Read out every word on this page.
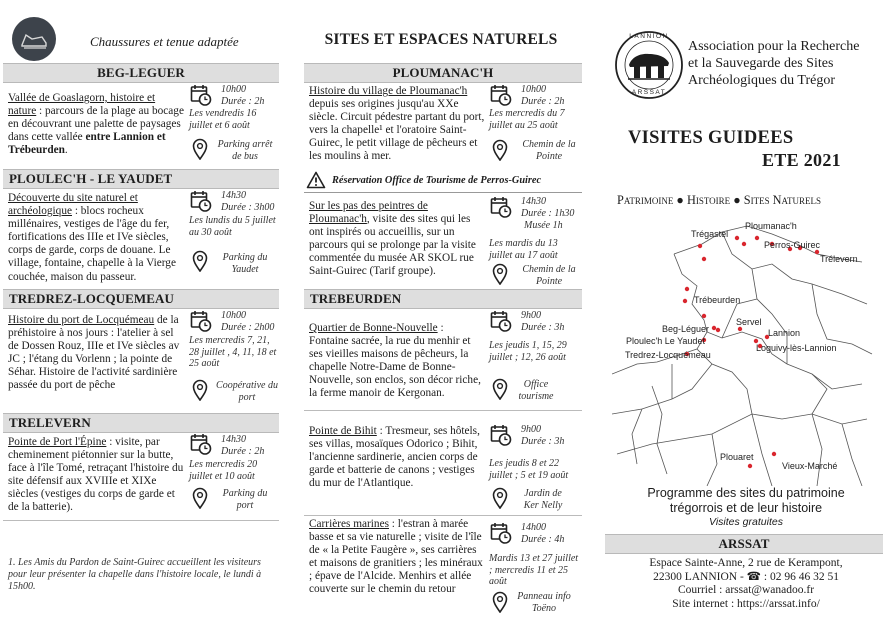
Chaussures et tenue adaptée
BEG-LEGUER
Vallée de Goaslagorn, histoire et nature : parcours de la plage au bocage en découvrant une palette de paysages dans cette vallée entre Lannion et Trébeurden.
10h00
Durée : 2h
Les vendredis 16 juillet et 6 août
Parking arrêt de bus
PLOULEC'H - LE YAUDET
Découverte du site naturel et archéologique : blocs rocheux millénaires, vestiges de l'âge du fer, fortifications des IIIe et IVe siècles, corps de garde, corps de douane. Le village, fontaine, chapelle à la Vierge couchée, maison du passeur.
14h30
Durée : 3h00
Les lundis du 5 juillet au 30 août
Parking du Yaudet
TREDREZ-LOCQUEMEAU
Histoire du port de Locquémeau de la préhistoire à nos jours : l'atelier à sel de Dossen Rouz, IIIe et IVe siècles av JC ; l'étang du Vorlenn ; la pointe de Séhar. Histoire de l'activité sardinière passée du port de pêche
10h00
Durée : 2h00
Les mercredis 7, 21, 28 juillet , 4, 11, 18 et 25 août
Coopérative du port
TRELEVERN
Pointe de Port l'Épine : visite, par cheminement piétonnier sur la butte, face à l'île Tomé, retraçant l'histoire du site défensif aux XVIIIe et XIXe siècles (vestiges du corps de garde et de la batterie).
14h30
Durée : 2h
Les mercredis 20 juillet et 10 août
Parking du port
1. Les Amis du Pardon de Saint-Guirec accueillent les visiteurs pour leur présenter la chapelle dans l'histoire locale, le lundi à 15h00.
SITES ET ESPACES NATURELS
PLOUMANAC'H
Histoire du village de Ploumanac'h depuis ses origines jusqu'au XXe siècle. Circuit pédestre partant du port, vers la chapelle¹ et l'oratoire Saint-Guirec, le petit village de pêcheurs et les moulins à mer.
10h00
Durée : 2h
Les mercredis du 7 juillet au 25 août
Chemin de la Pointe
Réservation Office de Tourisme de Perros-Guirec
Sur les pas des peintres de Ploumanac'h, visite des sites qui les ont inspirés ou accueillis, sur un parcours qui se prolonge par la visite commentée du musée AR SKOL rue Saint-Guirec (Tarif groupe).
14h30
Durée : 1h30
Musée 1h
Les mardis du 13 juillet au 17 août
Chemin de la Pointe
TREBEURDEN
Quartier de Bonne-Nouvelle : Fontaine sacrée, la rue du menhir et ses vieilles maisons de pêcheurs, la chapelle Notre-Dame de Bonne-Nouvelle, son enclos, son décor riche, la ferme manoir de Kergonan.
9h00
Durée : 3h
Les jeudis 1, 15, 29 juillet ; 12, 26 août
Office tourisme
Pointe de Bihit : Tresmeur, ses hôtels, ses villas, mosaïques Odorico ; Bihit, l'ancienne sardinerie, ancien corps de garde et batterie de canons ; vestiges du mur de l'Atlantique.
9h00
Durée : 3h
Les jeudis 8 et 22 juillet ; 5 et 19 août
Jardin de Ker Nelly
Carrières marines : l'estran à marée basse et sa vie naturelle ; visite de l'île de « la Petite Faugère », ses carrières et maisons de granitiers ; les minéraux ; épave de l'Alcide. Menhirs et allée couverte sur le chemin du retour
14h00
Durée : 4h
Mardis 13 et 27 juillet ; mercredis 11 et 25 août
Panneau info Toëno
LANNION
ARSSAT
Association pour la Recherche
et la Sauvegarde des Sites
Archéologiques du Trégor
VISITES GUIDEES
ETE 2021
Patrimoine ● Histoire ● Sites Naturels
Trégastel
Ploumanac'h
Perros-Guirec
Trélevern
Trébeurden
Servel
Beg-Léguer	Lannion
Ploulec'h Le Yaudet
Loguivy-lès-Lannion
Tredrez-Locquémeau
Plouaret
Vieux-Marché
Programme des sites du patrimoine
trégorrois et de leur histoire
Visites gratuites
ARSSAT
Espace Sainte-Anne, 2 rue de Kerampont,
22300 LANNION - ☎ : 02 96 46 32 51
Courriel : arssat@wanadoo.fr
Site internet : https://arssat.info/
